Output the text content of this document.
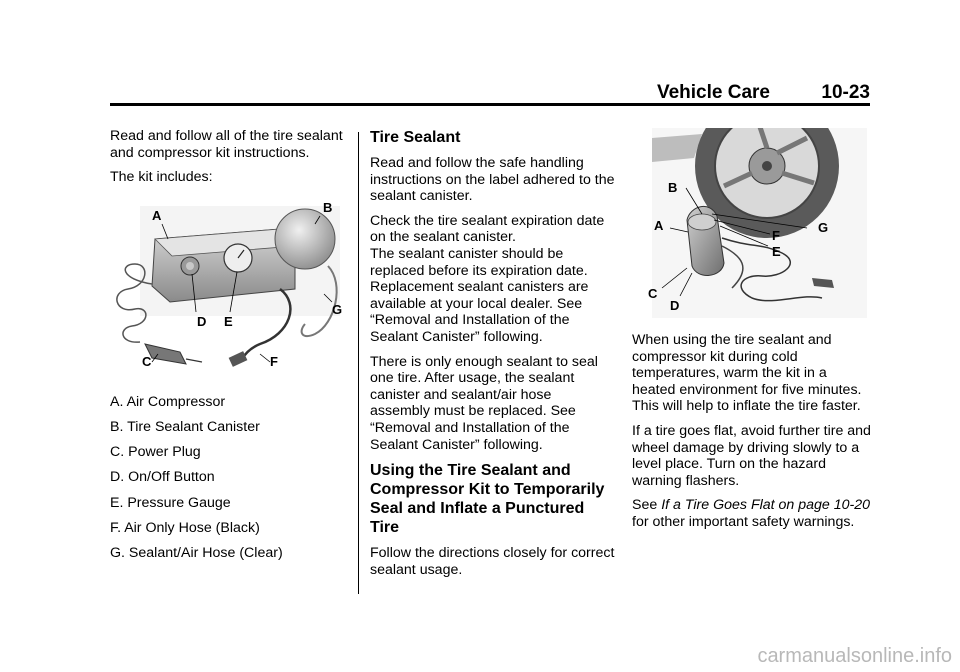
Vehicle Care	10-23

Read and follow all of the tire sealant and compressor kit instructions.

The kit includes:

A
B
G
D E
C	F
A. Air Compressor
B. Tire Sealant Canister
C. Power Plug
D. On/Off Button
E. Pressure Gauge
F. Air Only Hose (Black)
G. Sealant/Air Hose (Clear)
Tire Sealant

Read and follow the safe handling instructions on the label adhered to the sealant canister.

Check the tire sealant expiration date on the sealant canister.

The sealant canister should be replaced before its expiration date. Replacement sealant canisters are available at your local dealer. See “Removal and Installation of the Sealant Canister” following.

There is only enough sealant to seal one tire. After usage, the sealant canister and sealant/air hose assembly must be replaced. See “Removal and Installation of the Sealant Canister” following.

Using the Tire Sealant and Compressor Kit to Temporarily Seal and Inflate a Punctured Tire

Follow the directions closely for correct sealant usage.

B
A	G
F
E
C
D

When using the tire sealant and compressor kit during cold temperatures, warm the kit in a heated environment for five minutes. This will help to inflate the tire faster.

If a tire goes flat, avoid further tire and wheel damage by driving slowly to a level place. Turn on the hazard warning flashers.

See If a Tire Goes Flat on page 10-20 for other important safety warnings.

carmanualsonline.info
